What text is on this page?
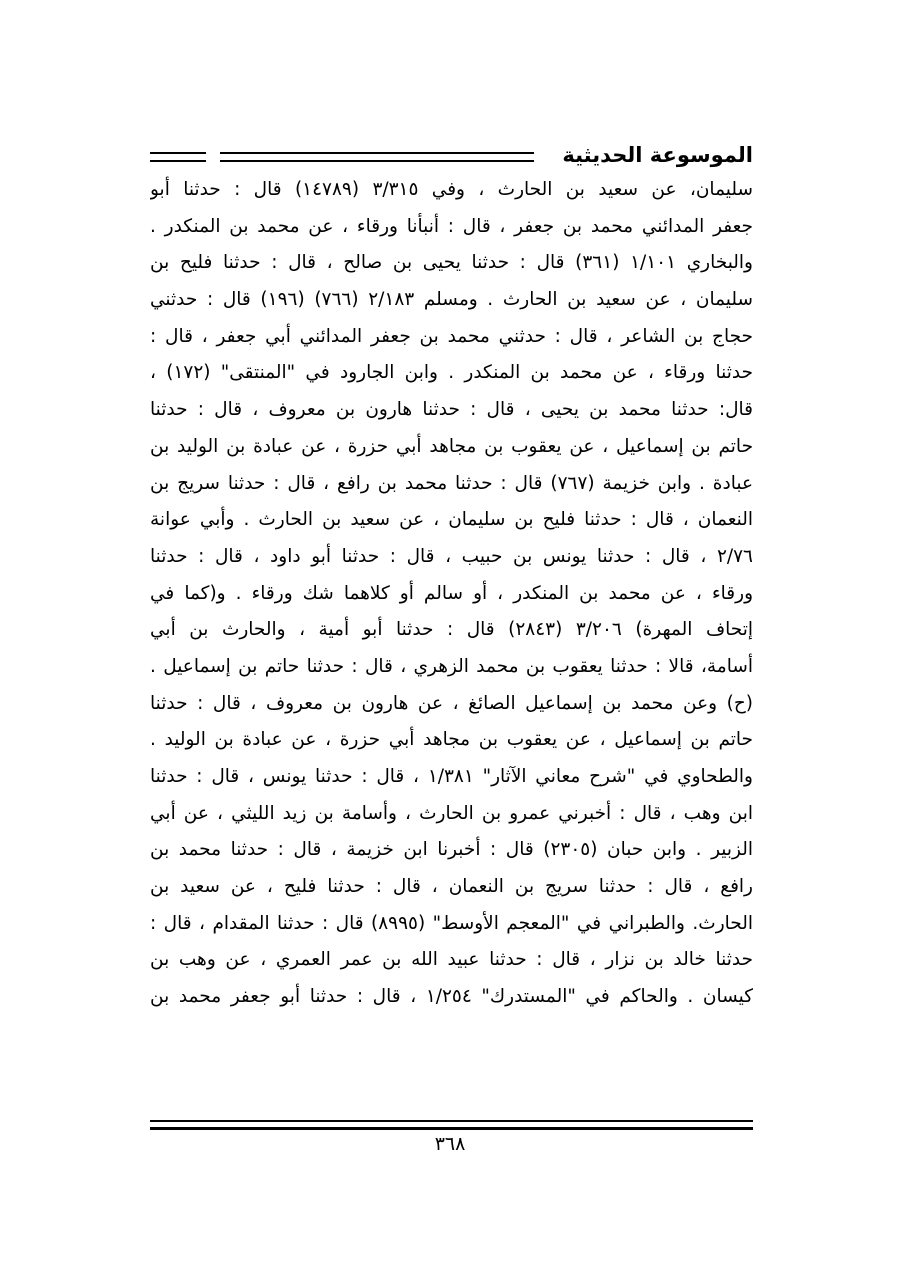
الموسوعة الحديثية
سليمان، عن سعيد بن الحارث ، وفي ٣/٣١٥ (١٤٧٨٩) قال : حدثنا أبو
جعفر المدائني محمد بن جعفر ، قال : أنبأنا ورقاء ، عن محمد بن المنكدر .
والبخاري ١/١٠١ (٣٦١) قال : حدثنا يحيى بن صالح ، قال : حدثنا فليح بن
سليمان ، عن سعيد بن الحارث . ومسلم ٢/١٨٣ (٧٦٦) (١٩٦) قال : حدثني
حجاج بن الشاعر ، قال : حدثني محمد بن جعفر المدائني أبي جعفر ، قال :
حدثنا ورقاء ، عن محمد بن المنكدر . وابن الجارود في "المنتقى" (١٧٢) ،
قال: حدثنا محمد بن يحيى ، قال : حدثنا هارون بن معروف ، قال : حدثنا
حاتم بن إسماعيل ، عن يعقوب بن مجاهد أبي حزرة ، عن عبادة بن الوليد بن
عبادة . وابن خزيمة (٧٦٧) قال : حدثنا محمد بن رافع ، قال : حدثنا سريج بن
النعمان ، قال : حدثنا فليح بن سليمان ، عن سعيد بن الحارث . وأبي عوانة
٢/٧٦ ، قال : حدثنا يونس بن حبيب ، قال : حدثنا أبو داود ، قال : حدثنا
ورقاء ، عن محمد بن المنكدر ، أو سالم أو كلاهما شك ورقاء . و(كما في
إتحاف المهرة) ٣/٢٠٦ (٢٨٤٣) قال : حدثنا أبو أمية ، والحارث بن أبي
أسامة، قالا : حدثنا يعقوب بن محمد الزهري ، قال : حدثنا حاتم بن إسماعيل .
(ح) وعن محمد بن إسماعيل الصائغ ، عن هارون بن معروف ، قال : حدثنا
حاتم بن إسماعيل ، عن يعقوب بن مجاهد أبي حزرة ، عن عبادة بن الوليد .
والطحاوي في "شرح معاني الآثار" ١/٣٨١ ، قال : حدثنا يونس ، قال : حدثنا
ابن وهب ، قال : أخبرني عمرو بن الحارث ، وأسامة بن زيد الليثي ، عن أبي
الزبير . وابن حبان (٢٣٠٥) قال : أخبرنا ابن خزيمة ، قال : حدثنا محمد بن
رافع ، قال : حدثنا سريج بن النعمان ، قال : حدثنا فليح ، عن سعيد بن
الحارث. والطبراني في "المعجم الأوسط" (٨٩٩٥) قال : حدثنا المقدام ، قال :
حدثنا خالد بن نزار ، قال : حدثنا عبيد الله بن عمر العمري ، عن وهب بن
كيسان . والحاكم في "المستدرك" ١/٢٥٤ ، قال : حدثنا أبو جعفر محمد بن
٣٦٨
